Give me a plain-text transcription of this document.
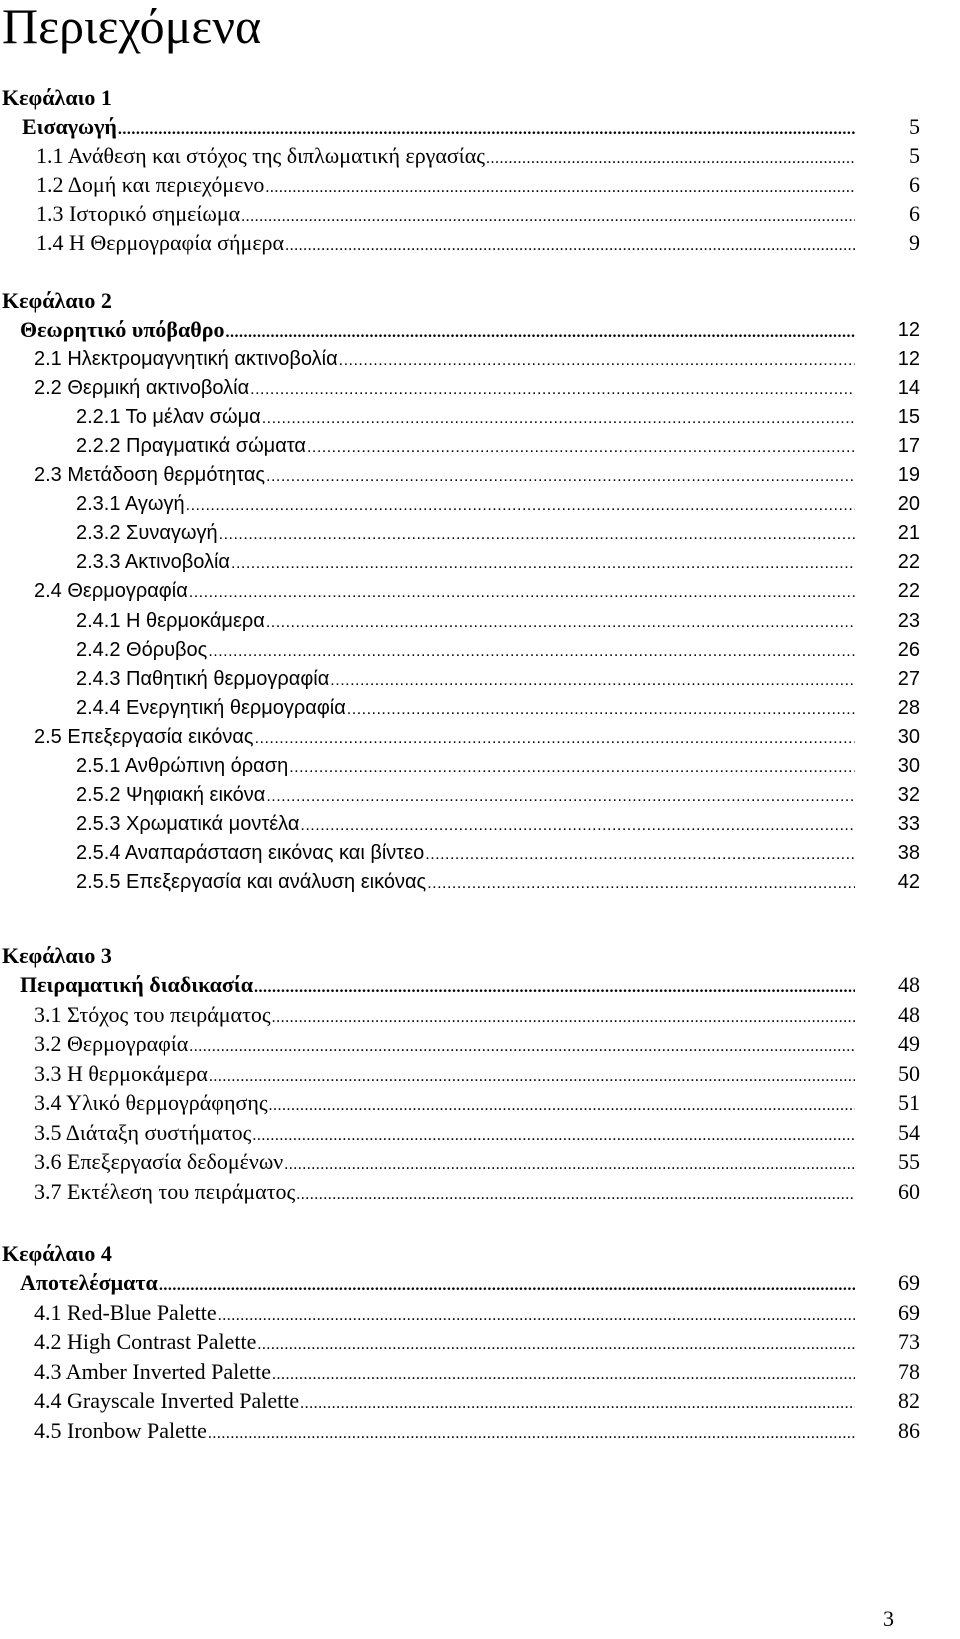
Περιεχόμενα
Κεφάλαιο 1
Εισαγωγή .....	5
1.1 Ανάθεση και στόχος της διπλωματική εργασίας .....	5
1.2 Δομή και περιεχόμενο .....	6
1.3 Ιστορικό σημείωμα .....	6
1.4 Η Θερμογραφία σήμερα .....	9
Κεφάλαιο 2
Θεωρητικό υπόβαθρο .....	12
2.1 Ηλεκτρομαγνητική ακτινοβολία .....	12
2.2 Θερμική ακτινοβολία .....	14
2.2.1 Το μέλαν σώμα .....	15
2.2.2 Πραγματικά σώματα .....	17
2.3 Μετάδοση θερμότητας .....	19
2.3.1 Αγωγή .....	20
2.3.2 Συναγωγή .....	21
2.3.3 Ακτινοβολία .....	22
2.4 Θερμογραφία .....	22
2.4.1 Η θερμοκάμερα .....	23
2.4.2 Θόρυβος .....	26
2.4.3 Παθητική θερμογραφία .....	27
2.4.4 Ενεργητική θερμογραφία .....	28
2.5 Επεξεργασία εικόνας .....	30
2.5.1 Ανθρώπινη όραση .....	30
2.5.2 Ψηφιακή εικόνα .....	32
2.5.3 Χρωματικά μοντέλα .....	33
2.5.4 Αναπαράσταση εικόνας και βίντεο .....	38
2.5.5 Επεξεργασία και ανάλυση εικόνας .....	42
Κεφάλαιο 3
Πειραματική διαδικασία .....	48
3.1 Στόχος του πειράματος .....	48
3.2 Θερμογραφία .....	49
3.3 Η θερμοκάμερα .....	50
3.4 Υλικό θερμογράφησης .....	51
3.5 Διάταξη συστήματος .....	54
3.6 Επεξεργασία δεδομένων .....	55
3.7 Εκτέλεση του πειράματος .....	60
Κεφάλαιο 4
Αποτελέσματα .....	69
4.1 Red-Blue Palette .....	69
4.2 High Contrast Palette .....	73
4.3 Amber Inverted Palette .....	78
4.4 Grayscale Inverted Palette .....	82
4.5 Ironbow Palette .....	86
3
